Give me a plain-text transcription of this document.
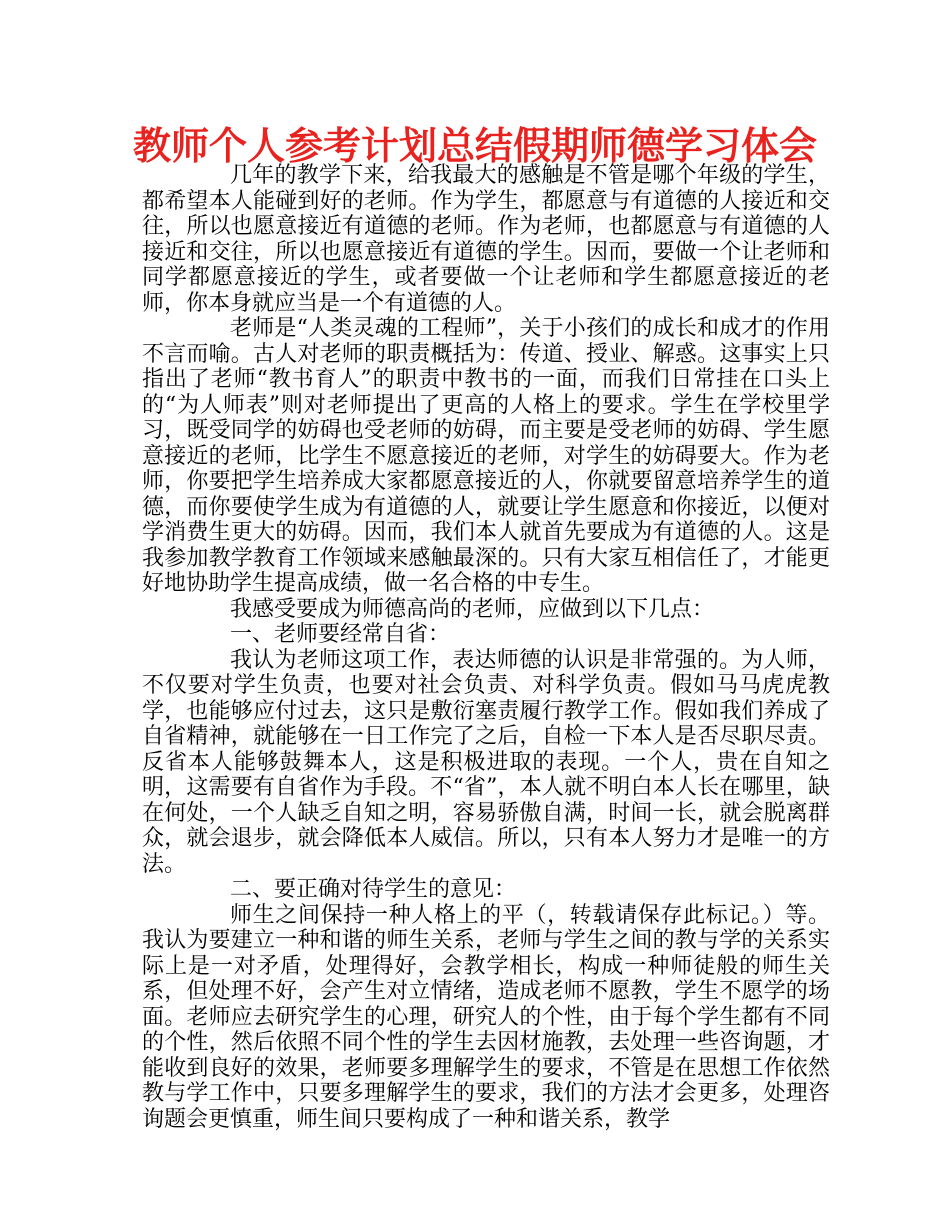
教师个人参考计划总结假期师德学习体会

几年的教学下来，给我最大的感触是不管是哪个年级的学生，都希望本人能碰到好的老师。作为学生，都愿意与有道德的人接近和交往，所以也愿意接近有道德的老师。作为老师，也都愿意与有道德的人接近和交往，所以也愿意接近有道德的学生。因而，要做一个让老师和同学都愿意接近的学生，或者要做一个让老师和学生都愿意接近的老师，你本身就应当是一个有道德的人。

老师是“人类灵魂的工程师”，关于小孩们的成长和成才的作用不言而喻。古人对老师的职责概括为：传道、授业、解惑。这事实上只指出了老师“教书育人”的职责中教书的一面，而我们日常挂在口头上的“为人师表”则对老师提出了更高的人格上的要求。学生在学校里学习，既受同学的妨碍也受老师的妨碍，而主要是受老师的妨碍、学生愿意接近的老师，比学生不愿意接近的老师，对学生的妨碍要大。作为老师，你要把学生培养成大家都愿意接近的人，你就要留意培养学生的道德，而你要使学生成为有道德的人，就要让学生愿意和你接近，以便对学消费生更大的妨碍。因而，我们本人就首先要成为有道德的人。这是我参加教学教育工作领域来感触最深的。只有大家互相信任了，才能更好地协助学生提高成绩，做一名合格的中专生。

我感受要成为师德高尚的老师，应做到以下几点：

一、老师要经常自省：

我认为老师这项工作，表达师德的认识是非常强的。为人师，不仅要对学生负责，也要对社会负责、对科学负责。假如马马虎虎教学，也能够应付过去，这只是敷衍塞责履行教学工作。假如我们养成了自省精神，就能够在一日工作完了之后，自检一下本人是否尽职尽责。反省本人能够鼓舞本人，这是积极进取的表现。一个人，贵在自知之明，这需要有自省作为手段。不“省”，本人就不明白本人长在哪里，缺在何处，一个人缺乏自知之明，容易骄傲自满，时间一长，就会脱离群众，就会退步，就会降低本人威信。所以，只有本人努力才是唯一的方法。

二、要正确对待学生的意见：

师生之间保持一种人格上的平（，转载请保存此标记。）等。我认为要建立一种和谐的师生关系，老师与学生之间的教与学的关系实际上是一对矛盾，处理得好，会教学相长，构成一种师徒般的师生关系，但处理不好，会产生对立情绪，造成老师不愿教，学生不愿学的场面。老师应去研究学生的心理，研究人的个性，由于每个学生都有不同的个性，然后依照不同个性的学生去因材施教，去处理一些咨询题，才能收到良好的效果，老师要多理解学生的要求，不管是在思想工作依然教与学工作中，只要多理解学生的要求，我们的方法才会更多，处理咨询题会更慎重，师生间只要构成了一种和谐关系，教学
